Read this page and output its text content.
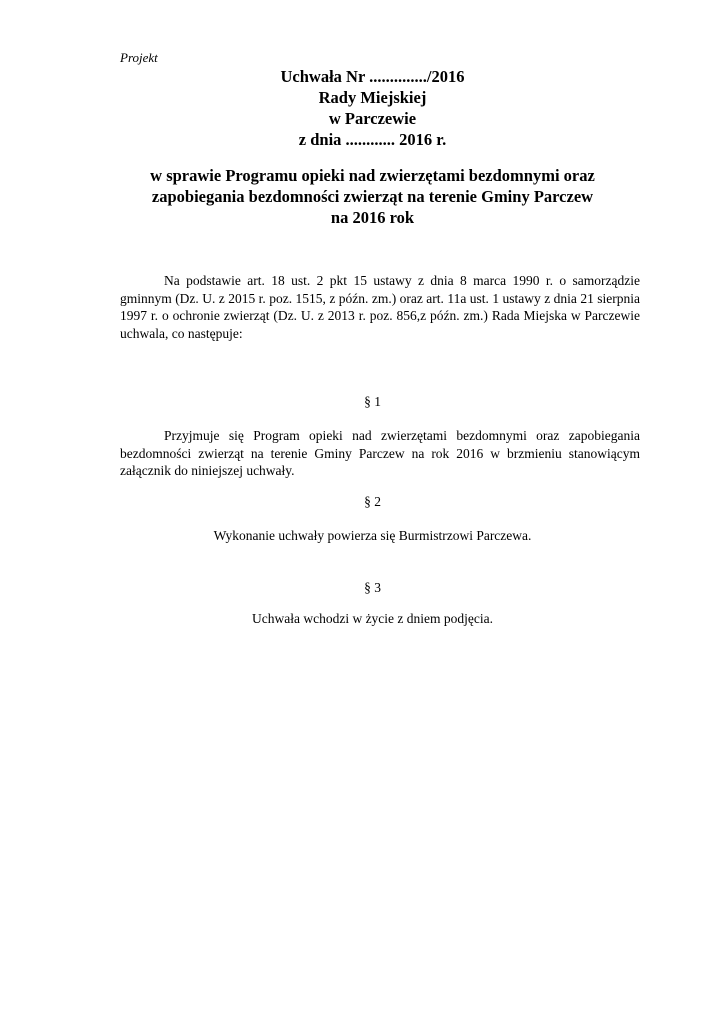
Projekt
Uchwała Nr ............../2016
Rady Miejskiej
w Parczewie
z dnia ............ 2016 r.
w sprawie Programu opieki nad zwierzętami bezdomnymi oraz
zapobiegania bezdomności zwierząt na terenie Gminy Parczew
na 2016 rok
Na podstawie art. 18 ust. 2 pkt 15 ustawy z dnia 8 marca 1990 r. o samorządzie gminnym (Dz. U. z 2015 r. poz. 1515, z późn. zm.) oraz art. 11a ust. 1 ustawy z dnia 21 sierpnia 1997 r. o ochronie zwierząt (Dz. U. z 2013 r. poz. 856,z późn. zm.) Rada Miejska w Parczewie uchwala, co następuje:
§ 1
Przyjmuje się Program opieki nad zwierzętami bezdomnymi oraz zapobiegania bezdomności zwierząt na terenie Gminy Parczew na rok 2016 w brzmieniu stanowiącym załącznik do niniejszej uchwały.
§ 2
Wykonanie uchwały powierza się Burmistrzowi Parczewa.
§ 3
Uchwała wchodzi w życie z dniem podjęcia.
